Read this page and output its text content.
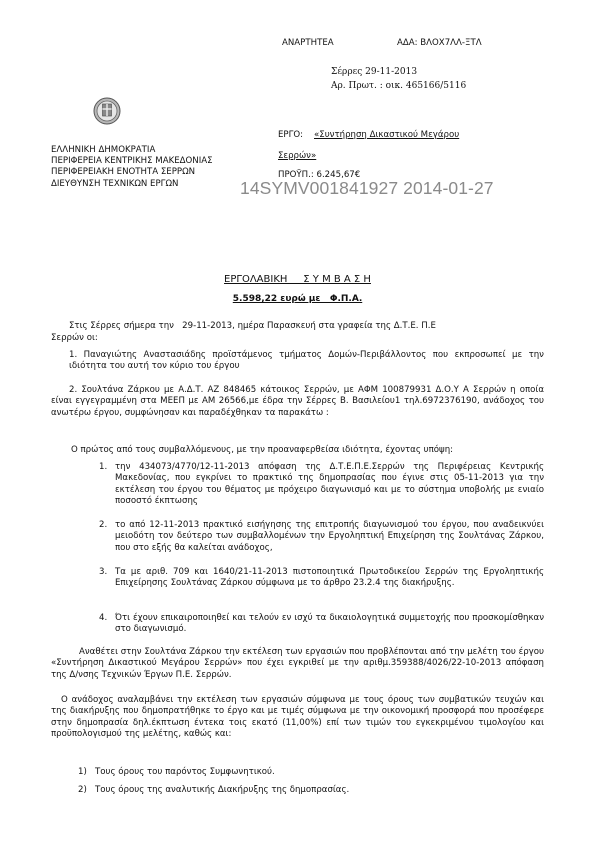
ΑΝΑΡΤΗΤΕΑ	ΑΔΑ: ΒΛΟΧ7ΛΛ-ΞΤΛ
Σέρρες 29-11-2013
Αρ. Πρωτ. : οικ. 465166/5116
ΕΛΛΗΝΙΚΗ ΔΗΜΟΚΡΑΤΙΑ
ΠΕΡΙΦΕΡΕΙΑ ΚΕΝΤΡΙΚΗΣ ΜΑΚΕΔΟΝΙΑΣ
ΠΕΡΙΦΕΡΕΙΑΚΗ ΕΝΟΤΗΤΑ ΣΕΡΡΩΝ
ΔΙΕΥΘΥΝΣΗ ΤΕΧΝΙΚΩΝ ΕΡΓΩΝ
ΕΡΓΟ: «Συντήρηση Δικαστικού Μεγάρου
Σερρών»
ΠΡΟΫΠ.: 6.245,67€
14SYMV001841927 2014-01-27
ΕΡΓΟΛΑΒΙΚΗ     Σ Υ Μ Β Α Σ Η
5.598,22 ευρώ με   Φ.Π.Α.
Στις Σέρρες σήμερα την   29-11-2013, ημέρα Παρασκευή στα γραφεία της Δ.Τ.Ε. Π.Ε
Σερρών οι:
1. Παναγιώτης Αναστασιάδης προϊστάμενος τμήματος Δομών-Περιβάλλοντος που εκπροσωπεί με την ιδιότητα του αυτή τον κύριο του έργου
2. Σουλτάνα Ζάρκου με Α.Δ.Τ. ΑΖ 848465 κάτοικος Σερρών, με ΑΦΜ 100879931 Δ.Ο.Υ Α Σερρών η οποία είναι εγγεγραμμένη στα ΜΕΕΠ με ΑΜ 26566,με έδρα την Σέρρες Β. Βασιλείου1 τηλ.6972376190, ανάδοχος του ανωτέρω έργου, συμφώνησαν και παραδέχθηκαν τα παρακάτω :
Ο πρώτος από τους συμβαλλόμενους, με την προαναφερθείσα ιδιότητα, έχοντας υπόψη:
1. την 434073/4770/12-11-2013 απόφαση της Δ.Τ.Ε.Π.Ε.Σερρών της Περιφέρειας Κεντρικής Μακεδονίας, που εγκρίνει το πρακτικό της δημοπρασίας που έγινε στις 05-11-2013 για την εκτέλεση του έργου του θέματος με πρόχειρο διαγωνισμό και με το σύστημα υποβολής με ενιαίο ποσοστό έκπτωσης
2. το από 12-11-2013 πρακτικό εισήγησης της επιτροπής διαγωνισμού του έργου, που αναδεικνύει μειοδότη τον δεύτερο των συμβαλλομένων την Εργοληπτική Επιχείρηση της Σουλτάνας Ζάρκου, που στο εξής θα καλείται ανάδοχος,
3. Τα με αριθ. 709 και 1640/21-11-2013 πιστοποιητικά Πρωτοδικείου Σερρών της Εργοληπτικής Επιχείρησης Σουλτάνας Ζάρκου σύμφωνα με το άρθρο 23.2.4 της διακήρυξης.
4. Ότι έχουν επικαιροποιηθεί και τελούν εν ισχύ τα δικαιολογητικά συμμετοχής που προσκομίσθηκαν στο διαγωνισμό.
Αναθέτει στην Σουλτάνα Ζάρκου την εκτέλεση των εργασιών που προβλέπονται από την μελέτη του έργου «Συντήρηση Δικαστικού Μεγάρου Σερρών» που έχει εγκριθεί με την αριθμ.359388/4026/22-10-2013 απόφαση της Δ/νσης Τεχνικών Έργων Π.Ε. Σερρών.
Ο ανάδοχος αναλαμβάνει την εκτέλεση των εργασιών σύμφωνα με τους όρους των συμβατικών τευχών και της διακήρυξης που δημοπρατήθηκε το έργο και με τιμές σύμφωνα με την οικονομική προσφορά που προσέφερε στην δημοπρασία δηλ.έκπτωση έντεκα τοις εκατό (11,00%) επί των τιμών του εγκεκριμένου τιμολογίου και προϋπολογισμού της μελέτης, καθώς και:
1) Τους όρους του παρόντος Συμφωνητικού.
2) Τους όρους της αναλυτικής Διακήρυξης της δημοπρασίας.
